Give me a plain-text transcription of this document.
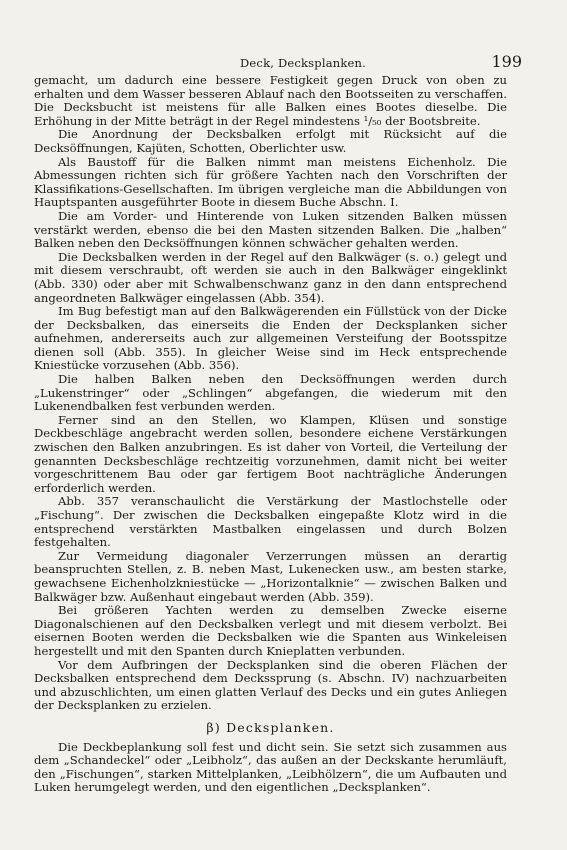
Deck, Decksplanken.	199

gemacht, um dadurch eine bessere Festigkeit gegen Druck von oben zu erhalten und dem Wasser besseren Ablauf nach den Bootsseiten zu verschaffen. Die Decksbucht ist meistens für alle Balken eines Bootes dieselbe. Die Erhöhung in der Mitte beträgt in der Regel mindestens ¹/₅₀ der Bootsbreite.

Die Anordnung der Decksbalken erfolgt mit Rücksicht auf die Decksöffnungen, Kajüten, Schotten, Oberlichter usw.

Als Baustoff für die Balken nimmt man meistens Eichenholz. Die Abmessungen richten sich für größere Yachten nach den Vorschriften der Klassifikations-Gesellschaften. Im übrigen vergleiche man die Abbildungen von Hauptspanten ausgeführter Boote in diesem Buche Abschn. I.

Die am Vorder- und Hinterende von Luken sitzenden Balken müssen verstärkt werden, ebenso die bei den Masten sitzenden Balken. Die „halben“ Balken neben den Decksöffnungen können schwächer gehalten werden.

Die Decksbalken werden in der Regel auf den Balkwäger (s. o.) gelegt und mit diesem verschraubt, oft werden sie auch in den Balkwäger eingeklinkt (Abb. 330) oder aber mit Schwalbenschwanz ganz in den dann entsprechend angeordneten Balkwäger eingelassen (Abb. 354).

Im Bug befestigt man auf den Balkwägerenden ein Füllstück von der Dicke der Decksbalken, das einerseits die Enden der Decksplanken sicher aufnehmen, andererseits auch zur allgemeinen Versteifung der Bootsspitze dienen soll (Abb. 355). In gleicher Weise sind im Heck entsprechende Kniestücke vorzusehen (Abb. 356).

Die halben Balken neben den Decksöffnungen werden durch „Lukenstringer“ oder „Schlingen“ abgefangen, die wiederum mit den Lukenendbalken fest verbunden werden.

Ferner sind an den Stellen, wo Klampen, Klüsen und sonstige Deckbeschläge angebracht werden sollen, besondere eichene Verstärkungen zwischen den Balken anzubringen. Es ist daher von Vorteil, die Verteilung der genannten Decksbeschläge rechtzeitig vorzunehmen, damit nicht bei weiter vorgeschrittenem Bau oder gar fertigem Boot nachträgliche Änderungen erforderlich werden.

Abb. 357 veranschaulicht die Verstärkung der Mastlochstelle oder „Fischung“. Der zwischen die Decksbalken eingepaßte Klotz wird in die entsprechend verstärkten Mastbalken eingelassen und durch Bolzen festgehalten.

Zur Vermeidung diagonaler Verzerrungen müssen an derartig beanspruchten Stellen, z. B. neben Mast, Lukenecken usw., am besten starke, gewachsene Eichenholzkniestücke — „Horizontalknie“ — zwischen Balken und Balkwäger bzw. Außenhaut eingebaut werden (Abb. 359).

Bei größeren Yachten werden zu demselben Zwecke eiserne Diagonalschienen auf den Decksbalken verlegt und mit diesem verbolzt. Bei eisernen Booten werden die Decksbalken wie die Spanten aus Winkeleisen hergestellt und mit den Spanten durch Knieplatten verbunden.

Vor dem Aufbringen der Decksplanken sind die oberen Flächen der Decksbalken entsprechend dem Deckssprung (s. Abschn. IV) nachzuarbeiten und abzuschlichten, um einen glatten Verlauf des Decks und ein gutes Anliegen der Decksplanken zu erzielen.

β) Decksplanken.

Die Deckbeplankung soll fest und dicht sein. Sie setzt sich zusammen aus dem „Schandeckel“ oder „Leibholz“, das außen an der Deckskante herumläuft, den „Fischungen“, starken Mittelplanken, „Leibhölzern“, die um Aufbauten und Luken herumgelegt werden, und den eigentlichen „Decksplanken“.
